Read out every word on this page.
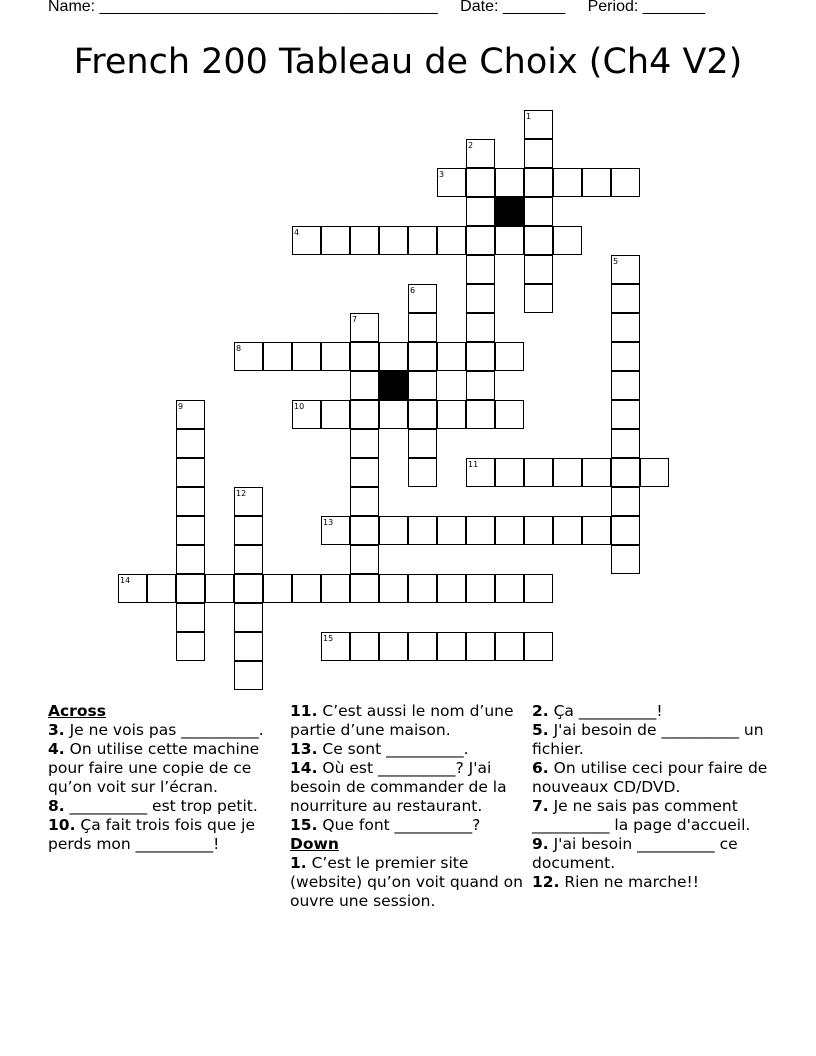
Name: ______________________________________ Date: _______ Period: _______
French 200 Tableau de Choix (Ch4 V2)
1
2
3
4
5
6
7
8
9	10
11
12
13
14
15
Across
3. Je ne vois pas __________.
4. On utilise cette machine pour faire une copie de ce qu’on voit sur l’écran.
8. __________ est trop petit.
10. Ça fait trois fois que je perds mon __________!
11. C’est aussi le nom d’une partie d’une maison.
13. Ce sont __________.
14. Où est __________? J'ai besoin de commander de la nourriture au restaurant.
15. Que font __________?
Down
1. C’est le premier site (website) qu’on voit quand on ouvre une session.
2. Ça __________!
5. J'ai besoin de __________ un fichier.
6. On utilise ceci pour faire de nouveaux CD/DVD.
7. Je ne sais pas comment __________ la page d'accueil.
9. J'ai besoin __________ ce document.
12. Rien ne marche!!
